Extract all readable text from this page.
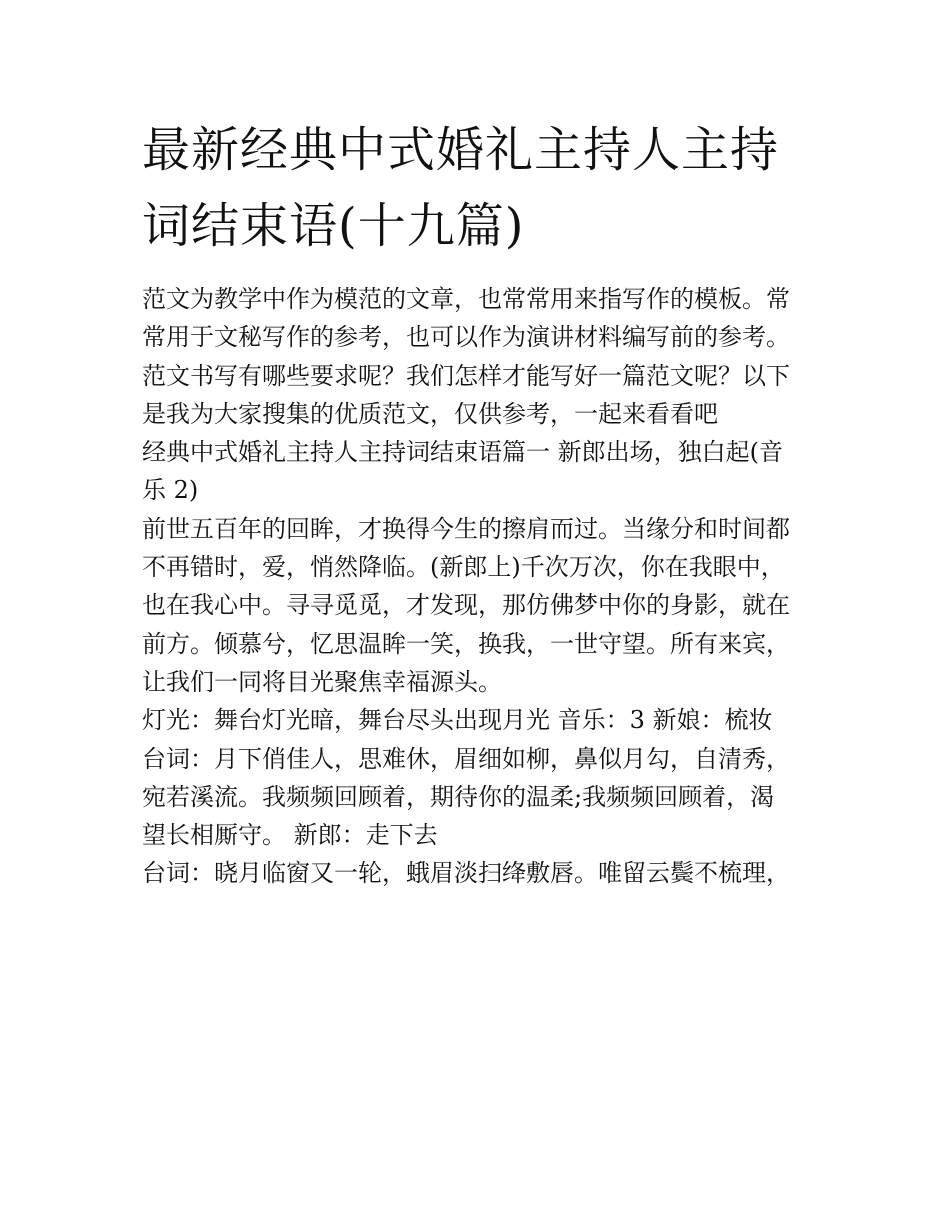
最新经典中式婚礼主持人主持
词结束语(十九篇)

范文为教学中作为模范的文章，也常常用来指写作的模板。常
常用于文秘写作的参考，也可以作为演讲材料编写前的参考。
范文书写有哪些要求呢？我们怎样才能写好一篇范文呢？以下
是我为大家搜集的优质范文，仅供参考，一起来看看吧

经典中式婚礼主持人主持词结束语篇一 新郎出场，独白起(音
乐 2)

前世五百年的回眸，才换得今生的擦肩而过。当缘分和时间都
不再错时，爱，悄然降临。(新郎上)千次万次，你在我眼中，
也在我心中。寻寻觅觅，才发现，那仿佛梦中你的身影，就在
前方。倾慕兮，忆思温眸一笑，换我，一世守望。所有来宾，
让我们一同将目光聚焦幸福源头。

灯光：舞台灯光暗，舞台尽头出现月光 音乐：3 新娘：梳妆

台词：月下俏佳人，思难休，眉细如柳，鼻似月勾，自清秀，
宛若溪流。我频频回顾着，期待你的温柔;我频频回顾着，渴
望长相厮守。 新郎：走下去

台词：晓月临窗又一轮，蛾眉淡扫绛敷唇。唯留云鬓不梳理，
